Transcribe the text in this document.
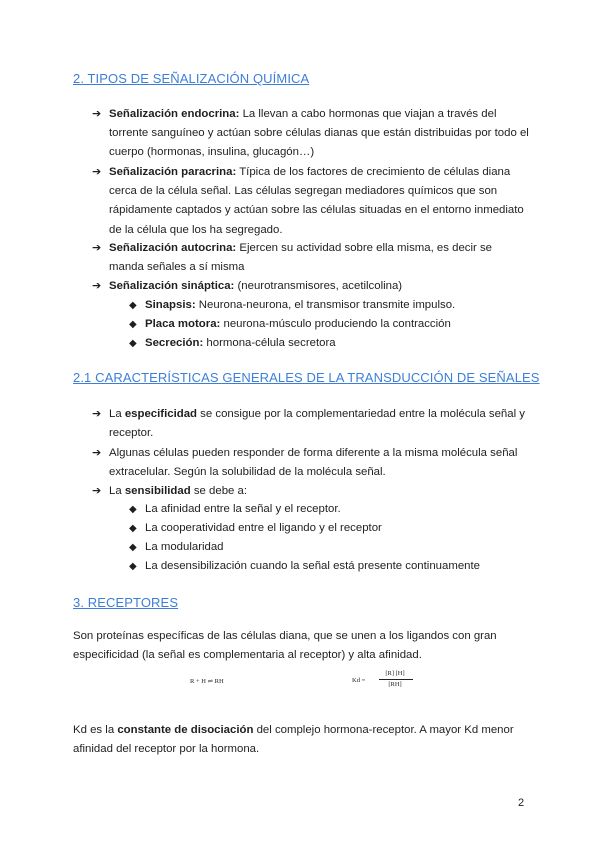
2. TIPOS DE SEÑALIZACIÓN QUÍMICA
➔ Señalización endocrina: La llevan a cabo hormonas que viajan a través del torrente sanguíneo y actúan sobre células dianas que están distribuidas por todo el cuerpo (hormonas, insulina, glucagón…)
➔ Señalización paracrina: Típica de los factores de crecimiento de células diana cerca de la célula señal. Las células segregan mediadores químicos que son rápidamente captados y actúan sobre las células situadas en el entorno inmediato de la célula que los ha segregado.
➔ Señalización autocrina: Ejercen su actividad sobre ella misma, es decir se manda señales a sí misma
➔ Señalización sináptica: (neurotransmisores, acetilcolina)
◆ Sinapsis: Neurona-neurona, el transmisor transmite impulso.
◆ Placa motora: neurona-músculo produciendo la contracción
◆ Secreción: hormona-célula secretora
2.1 CARACTERÍSTICAS GENERALES DE LA TRANSDUCCIÓN DE SEÑALES
➔ La especificidad se consigue por la complementariedad entre la molécula señal y receptor.
➔ Algunas células pueden responder de forma diferente a la misma molécula señal extracelular. Según la solubilidad de la molécula señal.
➔ La sensibilidad se debe a:
◆ La afinidad entre la señal y el receptor.
◆ La cooperatividad entre el ligando y el receptor
◆ La modularidad
◆ La desensibilización cuando la señal está presente continuamente
3. RECEPTORES
Son proteínas específicas de las células diana, que se unen a los ligandos con gran especificidad (la señal es complementaria al receptor) y alta afinidad.
R + H ⇌ RH	Kd =
[R] [H]
[RH]
Kd es la constante de disociación del complejo hormona-receptor. A mayor Kd menor afinidad del receptor por la hormona.
2
